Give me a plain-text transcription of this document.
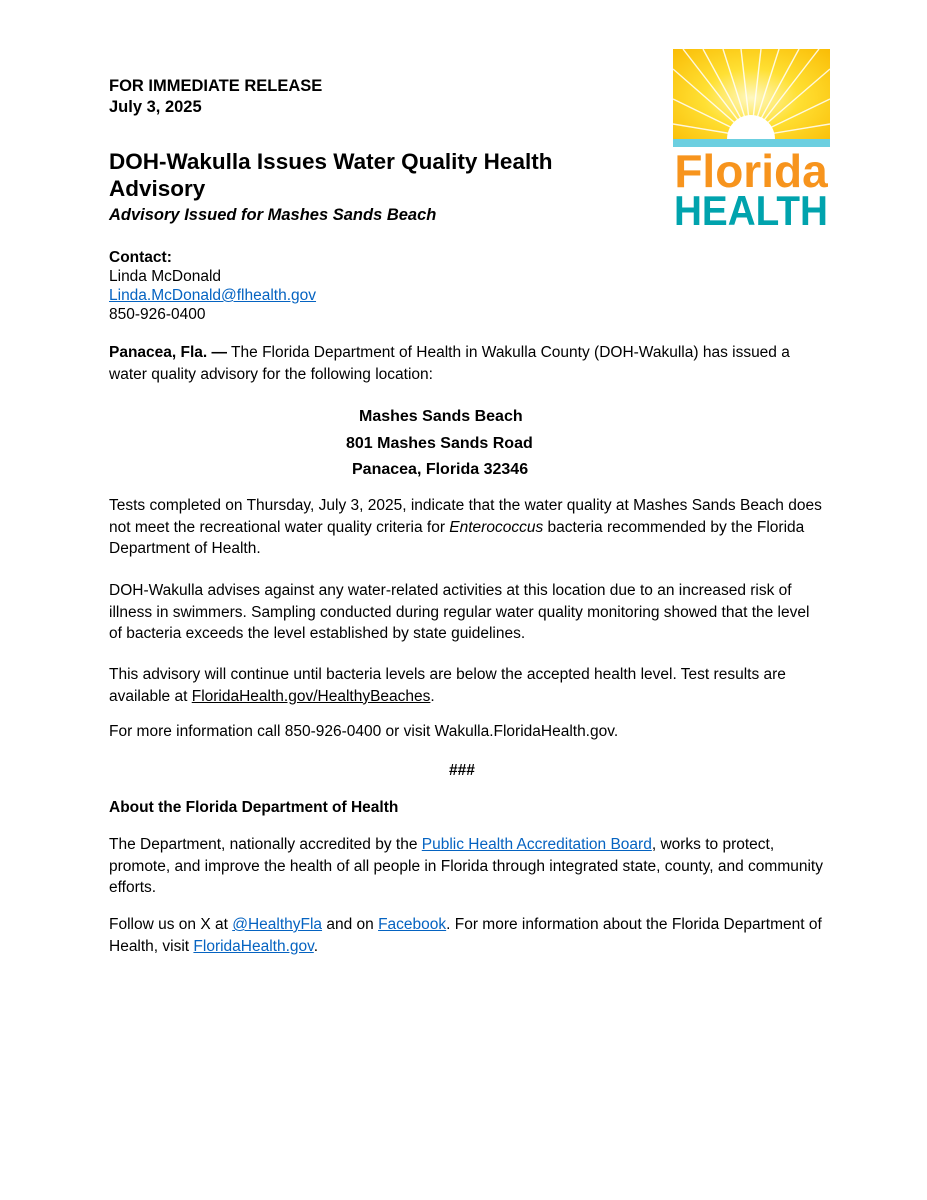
FOR IMMEDIATE RELEASE
July 3, 2025
DOH-Wakulla Issues Water Quality Health Advisory
Advisory Issued for Mashes Sands Beach
Contact:
Linda McDonald
Linda.McDonald@flhealth.gov
850-926-0400
Panacea, Fla. — The Florida Department of Health in Wakulla County (DOH-Wakulla) has issued a water quality advisory for the following location:
Mashes Sands Beach
801 Mashes Sands Road
Panacea, Florida 32346
Tests completed on Thursday, July 3, 2025, indicate that the water quality at Mashes Sands Beach does not meet the recreational water quality criteria for Enterococcus bacteria recommended by the Florida Department of Health.
DOH-Wakulla advises against any water-related activities at this location due to an increased risk of illness in swimmers. Sampling conducted during regular water quality monitoring showed that the level of bacteria exceeds the level established by state guidelines.
This advisory will continue until bacteria levels are below the accepted health level. Test results are available at FloridaHealth.gov/HealthyBeaches.
For more information call 850-926-0400 or visit Wakulla.FloridaHealth.gov.
###
About the Florida Department of Health
The Department, nationally accredited by the Public Health Accreditation Board, works to protect, promote, and improve the health of all people in Florida through integrated state, county, and community efforts.
Follow us on X at @HealthyFla and on Facebook. For more information about the Florida Department of Health, visit FloridaHealth.gov.
Florida
HEALTH
